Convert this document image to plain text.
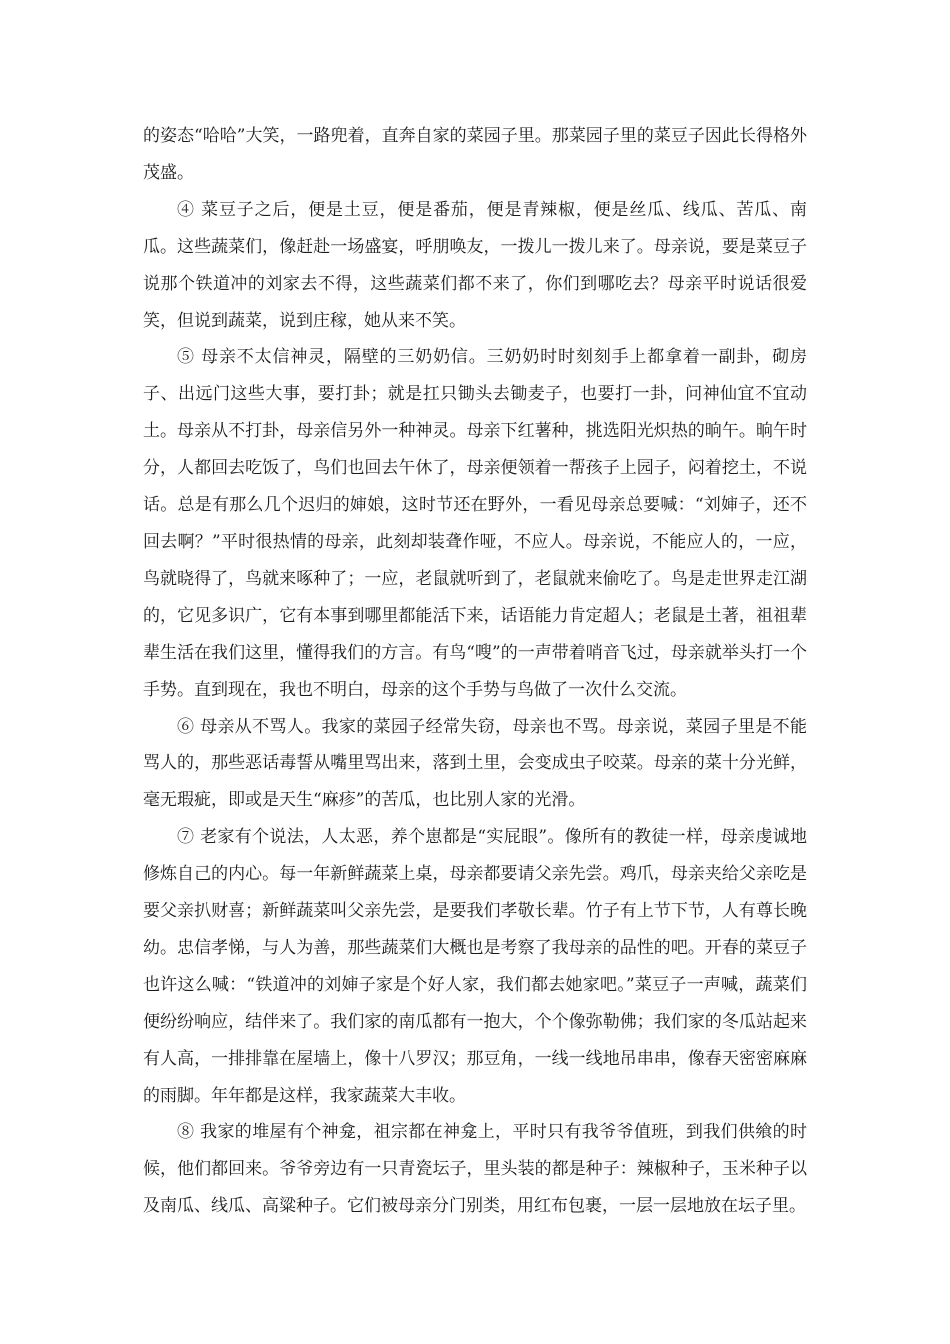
的姿态“哈哈”大笑，一路兜着，直奔自家的菜园子里。那菜园子里的菜豆子因此长得格外茂盛。

④ 菜豆子之后，便是土豆，便是番茄，便是青辣椒，便是丝瓜、线瓜、苦瓜、南瓜。这些蔬菜们，像赶赴一场盛宴，呼朋唤友，一拨儿一拨儿来了。母亲说，要是菜豆子说那个铁道冲的刘家去不得，这些蔬菜们都不来了，你们到哪吃去？母亲平时说话很爱笑，但说到蔬菜，说到庄稼，她从来不笑。

⑤ 母亲不太信神灵，隔壁的三奶奶信。三奶奶时时刻刻手上都拿着一副卦，砌房子、出远门这些大事，要打卦；就是扛只锄头去锄麦子，也要打一卦，问神仙宜不宜动土。母亲从不打卦，母亲信另外一种神灵。母亲下红薯种，挑选阳光炽热的晌午。晌午时分，人都回去吃饭了，鸟们也回去午休了，母亲便领着一帮孩子上园子，闷着挖土，不说话。总是有那么几个迟归的婶娘，这时节还在野外，一看见母亲总要喊：“刘婶子，还不回去啊？”平时很热情的母亲，此刻却装聋作哑，不应人。母亲说，不能应人的，一应，鸟就晓得了，鸟就来啄种了；一应，老鼠就听到了，老鼠就来偷吃了。鸟是走世界走江湖的，它见多识广，它有本事到哪里都能活下来，话语能力肯定超人；老鼠是土著，祖祖辈辈生活在我们这里，懂得我们的方言。有鸟“嗖”的一声带着哨音飞过，母亲就举头打一个手势。直到现在，我也不明白，母亲的这个手势与鸟做了一次什么交流。

⑥ 母亲从不骂人。我家的菜园子经常失窃，母亲也不骂。母亲说，菜园子里是不能骂人的，那些恶话毒誓从嘴里骂出来，落到土里，会变成虫子咬菜。母亲的菜十分光鲜，毫无瑕疵，即或是天生“麻疹”的苦瓜，也比别人家的光滑。

⑦ 老家有个说法，人太恶，养个崽都是“实屁眼”。像所有的教徒一样，母亲虔诚地修炼自己的内心。每一年新鲜蔬菜上桌，母亲都要请父亲先尝。鸡爪，母亲夹给父亲吃是要父亲扒财喜；新鲜蔬菜叫父亲先尝，是要我们孝敬长辈。竹子有上节下节，人有尊长晚幼。忠信孝悌，与人为善，那些蔬菜们大概也是考察了我母亲的品性的吧。开春的菜豆子也许这么喊：“铁道冲的刘婶子家是个好人家，我们都去她家吧。”菜豆子一声喊，蔬菜们便纷纷响应，结伴来了。我们家的南瓜都有一抱大，个个像弥勒佛；我们家的冬瓜站起来有人高，一排排靠在屋墙上，像十八罗汉；那豆角，一线一线地吊串串，像春天密密麻麻的雨脚。年年都是这样，我家蔬菜大丰收。

⑧ 我家的堆屋有个神龛，祖宗都在神龛上，平时只有我爷爷值班，到我们供飨的时候，他们都回来。爷爷旁边有一只青瓷坛子，里头装的都是种子：辣椒种子，玉米种子以及南瓜、线瓜、高粱种子。它们被母亲分门别类，用红布包裹，一层一层地放在坛子里。
